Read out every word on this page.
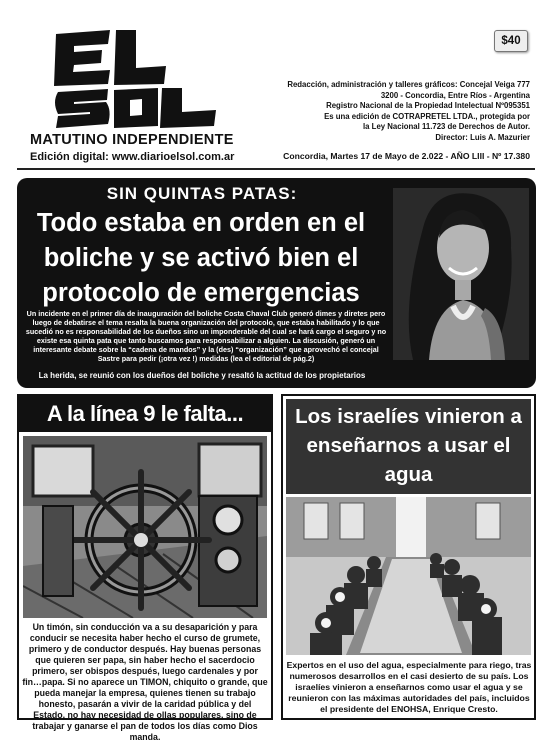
MATUTINO INDEPENDIENTE
Edición digital: www.diarioelsol.com.ar
$40
Redacción, administración y talleres gráficos: Concejal Veiga 777
3200 - Concordia, Entre Ríos - Argentina
Registro Nacional de la Propiedad Intelectual Nº095351
Es una edición de COTRAPRETEL LTDA., protegida por
la Ley Nacional 11.723 de Derechos de Autor.
Director: Luis A. Mazurier
Concordia, Martes 17 de Mayo de 2.022 - AÑO LIII - Nº 17.380
SIN QUINTAS PATAS:
Todo estaba en orden en el boliche y se activó bien el protocolo de emergencias
Un incidente en el primer día de inauguración del boliche Costa Chaval Club generó dimes y diretes pero luego de debatirse el tema resalta la buena organización del protocolo, que estaba habilitado y lo que sucedió no es responsabilidad de los dueños sino un imponderable del cual se hará cargo el seguro y no existe esa quinta pata que tanto buscamos para responsabilizar a alguien. La discusión, generó un interesante debate sobre la “cadena de mandos” y la (des) “organización” que aprovechó el concejal Sastre para pedir (¡otra vez !) medidas (lea el editorial de pág.2)
La herida, se reunió con los dueños del boliche y resaltó la actitud de los propietarios
A la línea 9 le falta...
Un timón, sin conducción va a su desaparición y para conducir se necesita haber hecho el curso de grumete, primero y de conductor después. Hay buenas personas que quieren ser papa, sin haber hecho el sacerdocio primero, ser obispos después, luego cardenales y por fin…papa. Si no aparece un TIMON, chiquito o grande, que pueda manejar la empresa, quienes tienen su trabajo honesto, pasarán a vivir de la caridad pública y del Estado, no hay necesidad de ollas populares, sino de trabajar y ganarse el pan de todos los días como Dios manda.
Los israelíes vinieron a enseñarnos a usar el agua
Expertos en el uso del agua, especialmente para riego, tras numerosos desarrollos en el casi desierto de su país. Los israelíes vinieron a enseñarnos como usar el agua y se reunieron con las máximas autoridades del país, incluidos el presidente del ENOHSA, Enrique Cresto.
